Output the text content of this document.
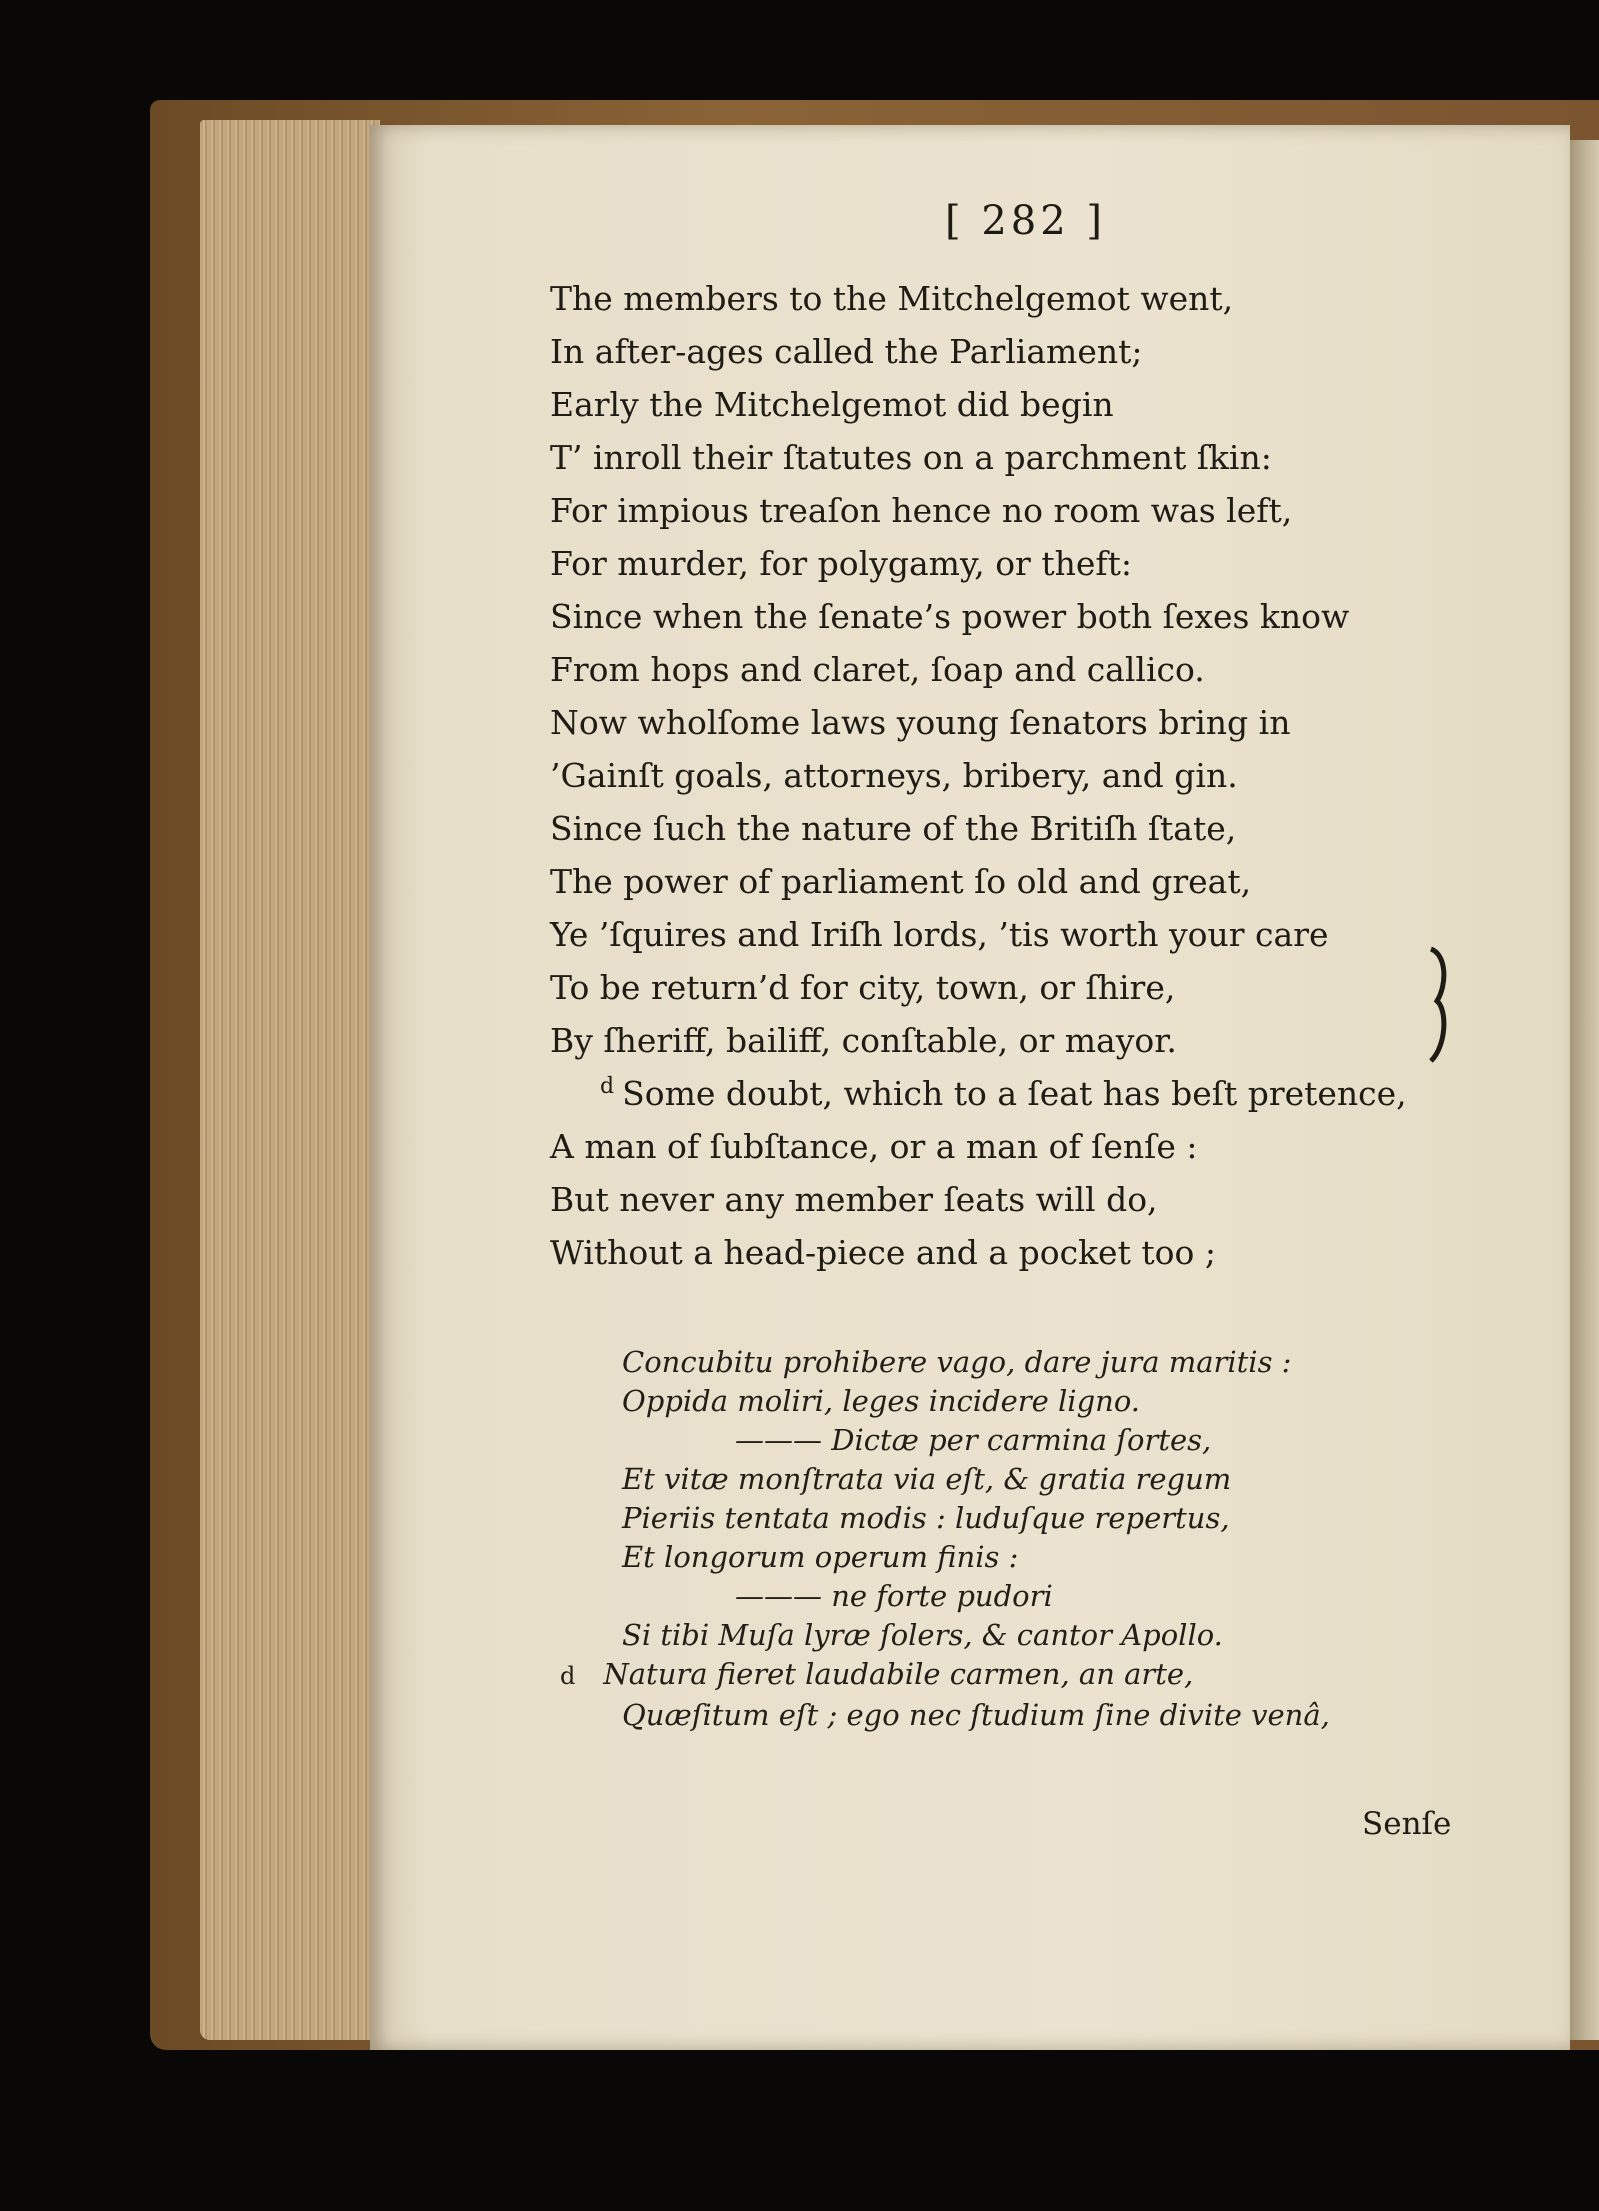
[ 282 ]

The members to the Mitchelgemot went,
In after-ages called the Parliament;
Early the Mitchelgemot did begin
T’ inroll their ſtatutes on a parchment ſkin:
For impious treaſon hence no room was left,
For murder, for polygamy, or theft:
Since when the ſenate’s power both ſexes know
From hops and claret, ſoap and callico.
Now wholſome laws young ſenators bring in
’Gainſt goals, attorneys, bribery, and gin.
Since ſuch the nature of the Britiſh ſtate,
The power of parliament ſo old and great,
Ye ’ſquires and Iriſh lords, ’tis worth your care
To be return’d for city, town, or ſhire,
By ſheriff, bailiff, conſtable, or mayor.
$^d$ Some doubt, which to a ſeat has beſt pretence,
A man of ſubſtance, or a man of ſenſe :
But never any member ſeats will do,
Without a head-piece and a pocket too ;
Concubitu prohibere vago, dare jura maritis :
Oppida moliri, leges incidere ligno.
——— Dictæ per carmina ſortes,
Et vitæ monſtrata via eſt, & gratia regum
Pieriis tentata modis : luduſque repertus,
Et longorum operum finis :
——— ne forte pudori
Si tibi Muſa lyræ ſolers, & cantor Apollo.
d Natura fieret laudabile carmen, an arte,
Quæſitum eſt ; ego nec ſtudium ſine divite venâ,

Senſe
